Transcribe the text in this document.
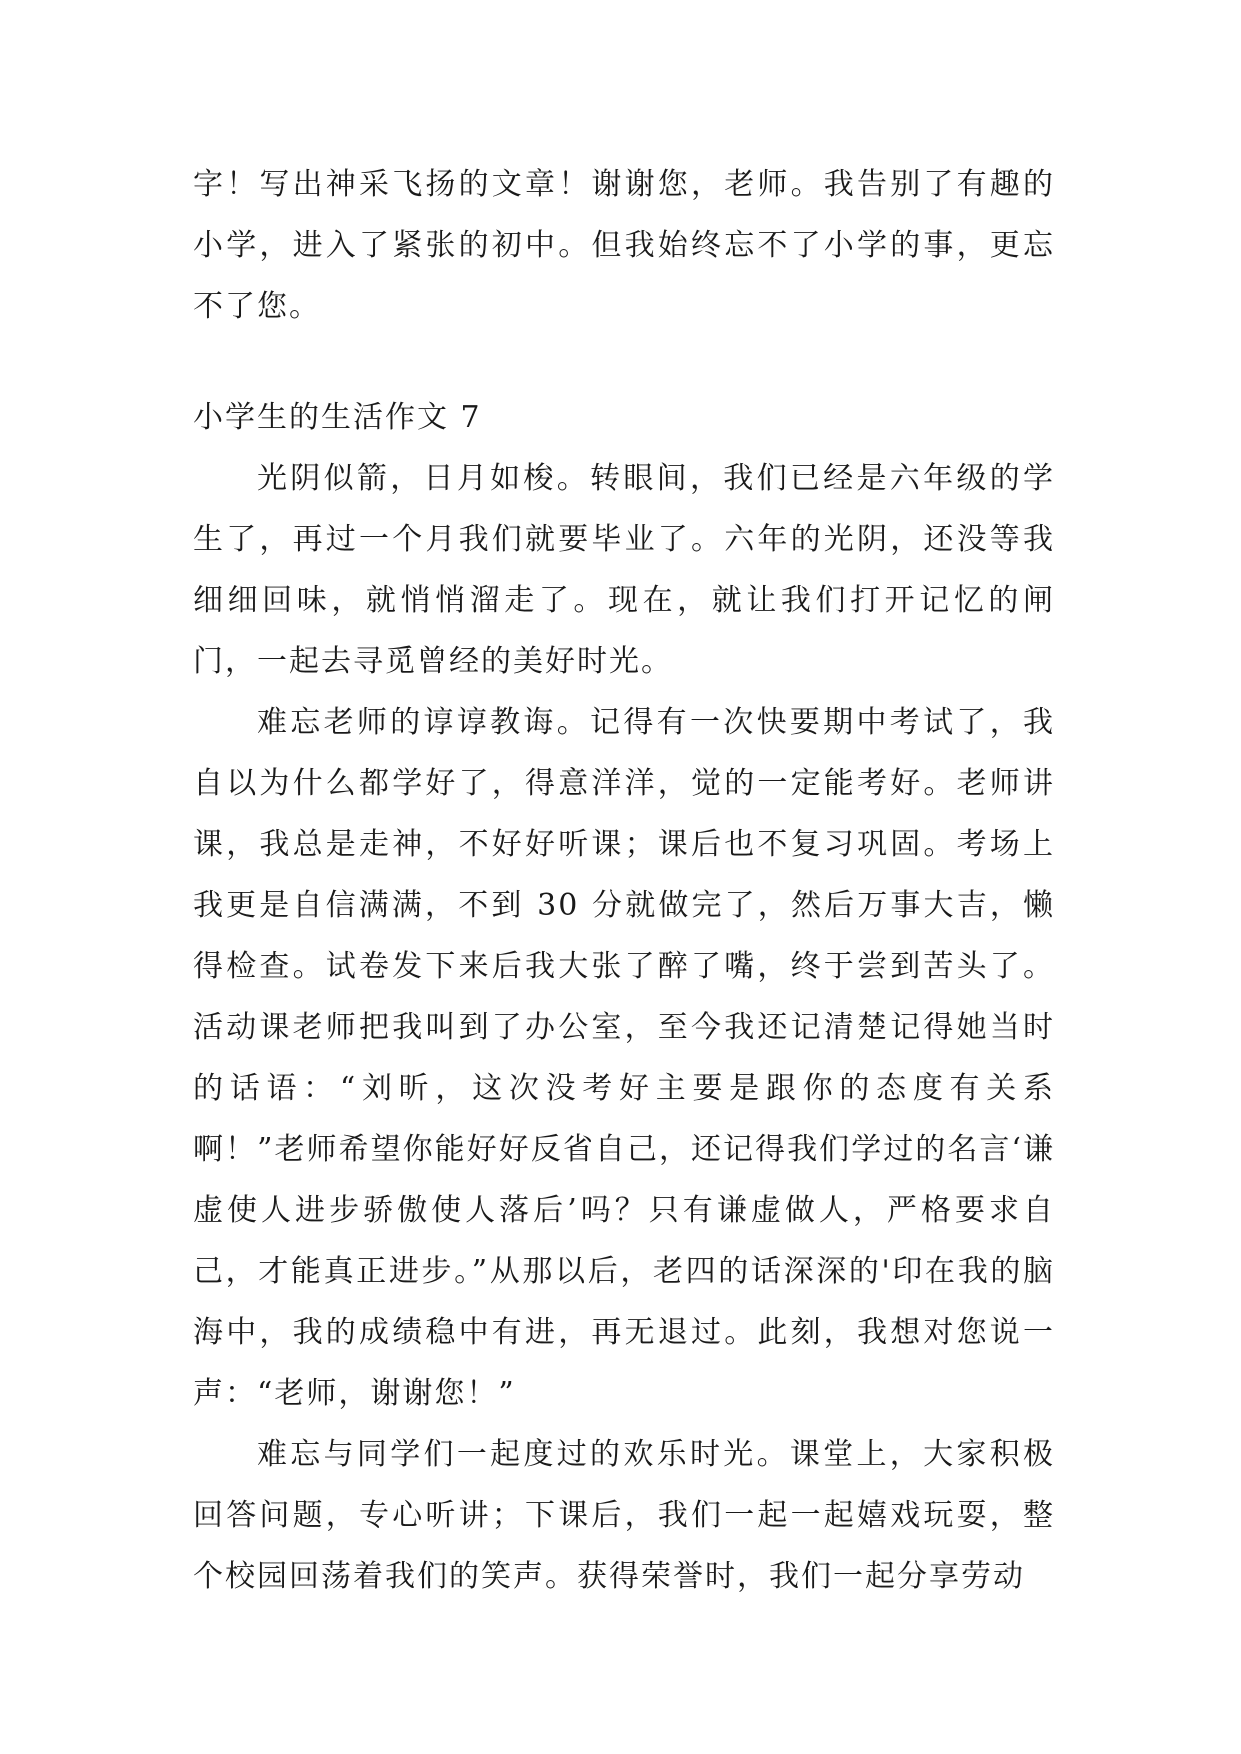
字！写出神采飞扬的文章！谢谢您，老师。我告别了有趣的小学，进入了紧张的初中。但我始终忘不了小学的事，更忘不了您。

小学生的生活作文 7

光阴似箭，日月如梭。转眼间，我们已经是六年级的学生了，再过一个月我们就要毕业了。六年的光阴，还没等我细细回味，就悄悄溜走了。现在，就让我们打开记忆的闸门，一起去寻觅曾经的美好时光。

难忘老师的谆谆教诲。记得有一次快要期中考试了，我自以为什么都学好了，得意洋洋，觉的一定能考好。老师讲课，我总是走神，不好好听课；课后也不复习巩固。考场上我更是自信满满，不到 30 分就做完了，然后万事大吉，懒得检查。试卷发下来后我大张了醉了嘴，终于尝到苦头了。活动课老师把我叫到了办公室，至今我还记清楚记得她当时的话语：“刘昕，这次没考好主要是跟你的态度有关系啊！”老师希望你能好好反省自己，还记得我们学过的名言‘谦虚使人进步骄傲使人落后’吗？只有谦虚做人，严格要求自己，才能真正进步。”从那以后，老四的话深深的'印在我的脑海中，我的成绩稳中有进，再无退过。此刻，我想对您说一声：“老师，谢谢您！”

难忘与同学们一起度过的欢乐时光。课堂上，大家积极回答问题，专心听讲；下课后，我们一起一起嬉戏玩耍，整个校园回荡着我们的笑声。获得荣誉时，我们一起分享劳动
